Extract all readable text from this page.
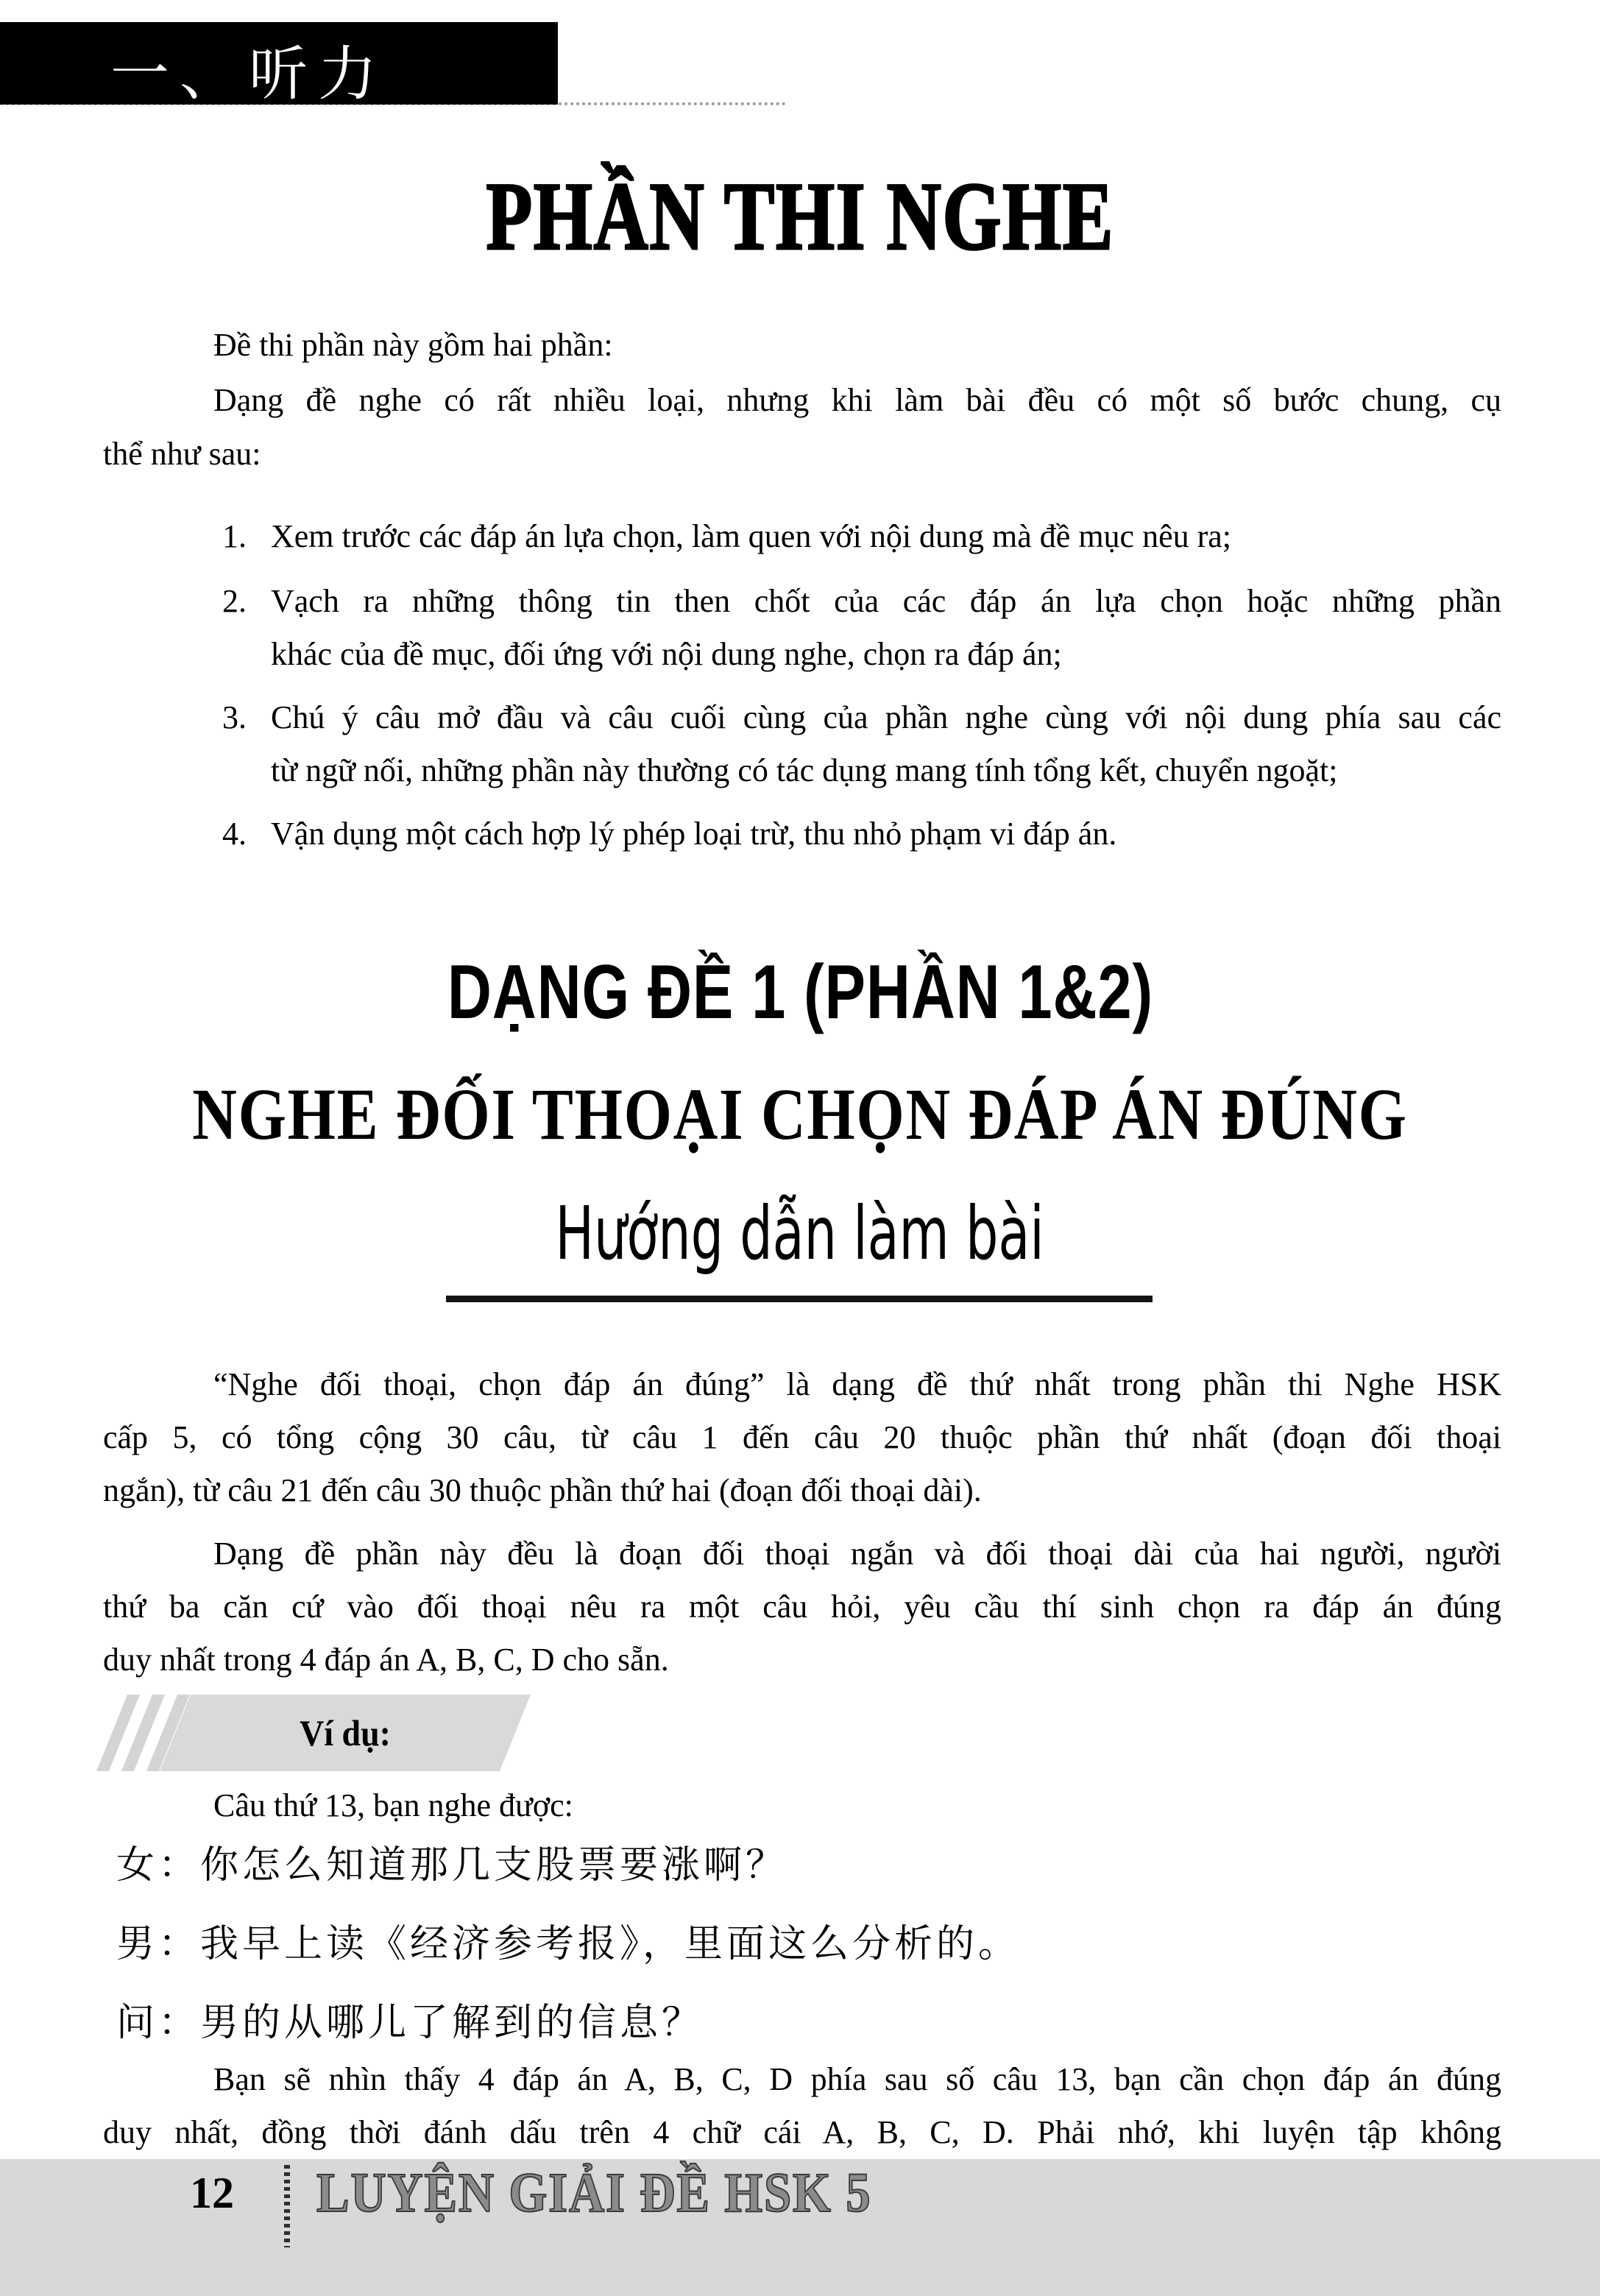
一、听力
PHẦN THI NGHE
Đề thi phần này gồm hai phần:
Dạng đề nghe có rất nhiều loại, nhưng khi làm bài đều có một số bước chung, cụ
thể như sau:
1. Xem trước các đáp án lựa chọn, làm quen với nội dung mà đề mục nêu ra;
2. Vạch ra những thông tin then chốt của các đáp án lựa chọn hoặc những phần
khác của đề mục, đối ứng với nội dung nghe, chọn ra đáp án;
3. Chú ý câu mở đầu và câu cuối cùng của phần nghe cùng với nội dung phía sau các
từ ngữ nối, những phần này thường có tác dụng mang tính tổng kết, chuyển ngoặt;
4. Vận dụng một cách hợp lý phép loại trừ, thu nhỏ phạm vi đáp án.
DẠNG ĐỀ 1 (PHẦN 1&2)
NGHE ĐỐI THOẠI CHỌN ĐÁP ÁN ĐÚNG
Hướng dẫn làm bài
“Nghe đối thoại, chọn đáp án đúng” là dạng đề thứ nhất trong phần thi Nghe HSK
cấp 5, có tổng cộng 30 câu, từ câu 1 đến câu 20 thuộc phần thứ nhất (đoạn đối thoại
ngắn), từ câu 21 đến câu 30 thuộc phần thứ hai (đoạn đối thoại dài).
Dạng đề phần này đều là đoạn đối thoại ngắn và đối thoại dài của hai người, người
thứ ba căn cứ vào đối thoại nêu ra một câu hỏi, yêu cầu thí sinh chọn ra đáp án đúng
duy nhất trong 4 đáp án A, B, C, D cho sẵn.
Ví dụ:
Câu thứ 13, bạn nghe được:
女：你怎么知道那几支股票要涨啊？
男：我早上读《经济参考报》，里面这么分析的。
问：男的从哪儿了解到的信息？
Bạn sẽ nhìn thấy 4 đáp án A, B, C, D phía sau số câu 13, bạn cần chọn đáp án đúng
duy nhất, đồng thời đánh dấu trên 4 chữ cái A, B, C, D. Phải nhớ, khi luyện tập không
12 LUYỆN GIẢI ĐỀ HSK 5
